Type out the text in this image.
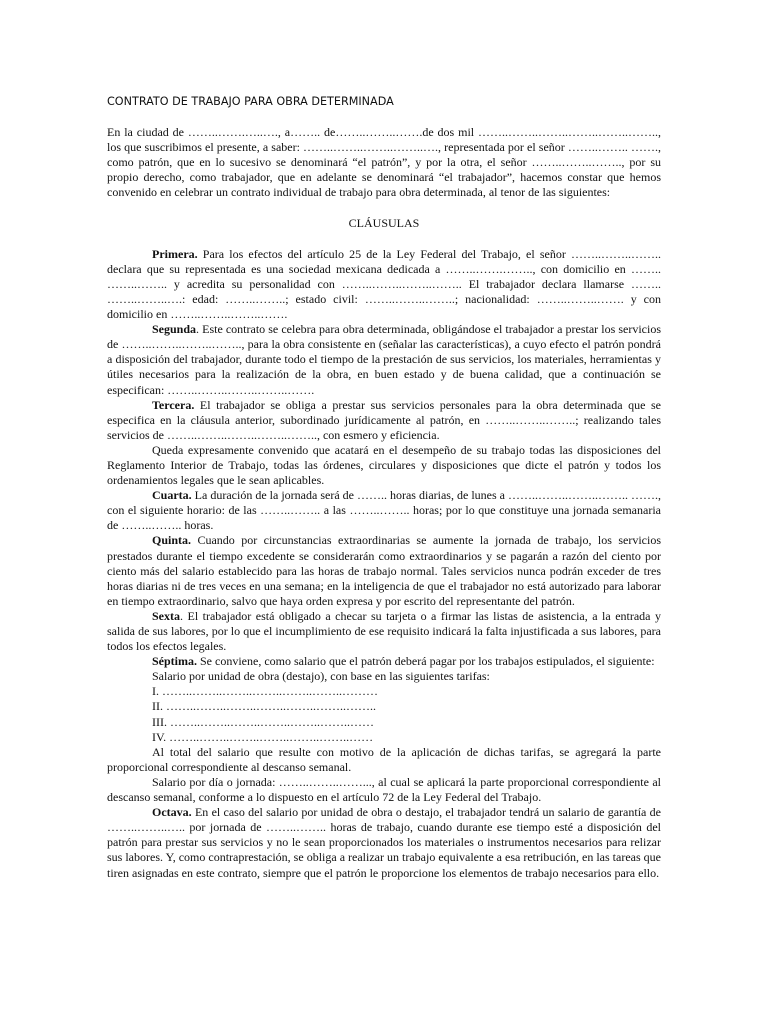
CONTRATO DE TRABAJO PARA OBRA DETERMINADA

En la ciudad de ……..…….…..…., a…….. de……..……..…….de dos mil ……..……..……..……..……..…….., los que suscribimos el presente, a saber: ……..……..……..……..…., representada por el señor ……..…….. ……., como patrón, que en lo sucesivo se denominará “el patrón”, y por la otra, el señor ……..……..…….., por su propio derecho, como trabajador, que en adelante se denominará “el trabajador”, hacemos constar que hemos convenido en celebrar un contrato individual de trabajo para obra determinada, al tenor de las siguientes:

CLÁUSULAS

Primera. Para los efectos del artículo 25 de la Ley Federal del Trabajo, el señor ……..……..…….. declara que su representada es una sociedad mexicana dedicada a ……..…….…….., con domicilio en …….. ……..…….. y acredita su personalidad con ……..……..……..…….. El trabajador declara llamarse …….. ……..……..….: edad: ……..……..; estado civil: ……..……..……..; nacionalidad: ……..……..……. y con domicilio en ……..……..……..…….

Segunda. Este contrato se celebra para obra determinada, obligándose el trabajador a prestar los servicios de ……..……..……..…….., para la obra consistente en (señalar las características), a cuyo efecto el patrón pondrá a disposición del trabajador, durante todo el tiempo de la prestación de sus servicios, los materiales, herramientas y útiles necesarios para la realización de la obra, en buen estado y de buena calidad, que a continuación se especifican: ……..……..……..……..…….

Tercera. El trabajador se obliga a prestar sus servicios personales para la obra determinada que se especifica en la cláusula anterior, subordinado jurídicamente al patrón, en ……..……..……..; realizando tales servicios de ……..……..……..……..…….., con esmero y eficiencia.

Queda expresamente convenido que acatará en el desempeño de su trabajo todas las disposiciones del Reglamento Interior de Trabajo, todas las órdenes, circulares y disposiciones que dicte el patrón y todos los ordenamientos legales que le sean aplicables.

Cuarta. La duración de la jornada será de …….. horas diarias, de lunes a ……..……..……..…….. ……., con el siguiente horario: de las ……..…….. a las ……..…….. horas; por lo que constituye una jornada semanaria de ……..…….. horas.

Quinta. Cuando por circunstancias extraordinarias se aumente la jornada de trabajo, los servicios prestados durante el tiempo excedente se considerarán como extraordinarios y se pagarán a razón del ciento por ciento más del salario establecido para las horas de trabajo normal. Tales servicios nunca podrán exceder de tres horas diarias ni de tres veces en una semana; en la inteligencia de que el trabajador no está autorizado para laborar en tiempo extraordinario, salvo que haya orden expresa y por escrito del representante del patrón.

Sexta. El trabajador está obligado a checar su tarjeta o a firmar las listas de asistencia, a la entrada y salida de sus labores, por lo que el incumplimiento de ese requisito indicará la falta injustificada a sus labores, para todos los efectos legales.

Séptima. Se conviene, como salario que el patrón deberá pagar por los trabajos estipulados, el siguiente:

Salario por unidad de obra (destajo), con base en las siguientes tarifas:

I. ……..……..……..……..……..……..………

II. ……..……..……..……..……..……..……..

III. ……..……..……..……..……..……..……

IV. ……..……..……..……..……..……..……

Al total del salario que resulte con motivo de la aplicación de dichas tarifas, se agregará la parte proporcional correspondiente al descanso semanal.

Salario por día o jornada: ……..……..……..., al cual se aplicará la parte proporcional correspondiente al descanso semanal, conforme a lo dispuesto en el artículo 72 de la Ley Federal del Trabajo.

Octava. En el caso del salario por unidad de obra o destajo, el trabajador tendrá un salario de garantía de ……..……..….. por jornada de ……..…….. horas de trabajo, cuando durante ese tiempo esté a disposición del patrón para prestar sus servicios y no le sean proporcionados los materiales o instrumentos necesarios para relizar sus labores. Y, como contraprestación, se obliga a realizar un trabajo equivalente a esa retribución, en las tareas que tiren asignadas en este contrato, siempre que el patrón le proporcione los elementos de trabajo necesarios para ello.
